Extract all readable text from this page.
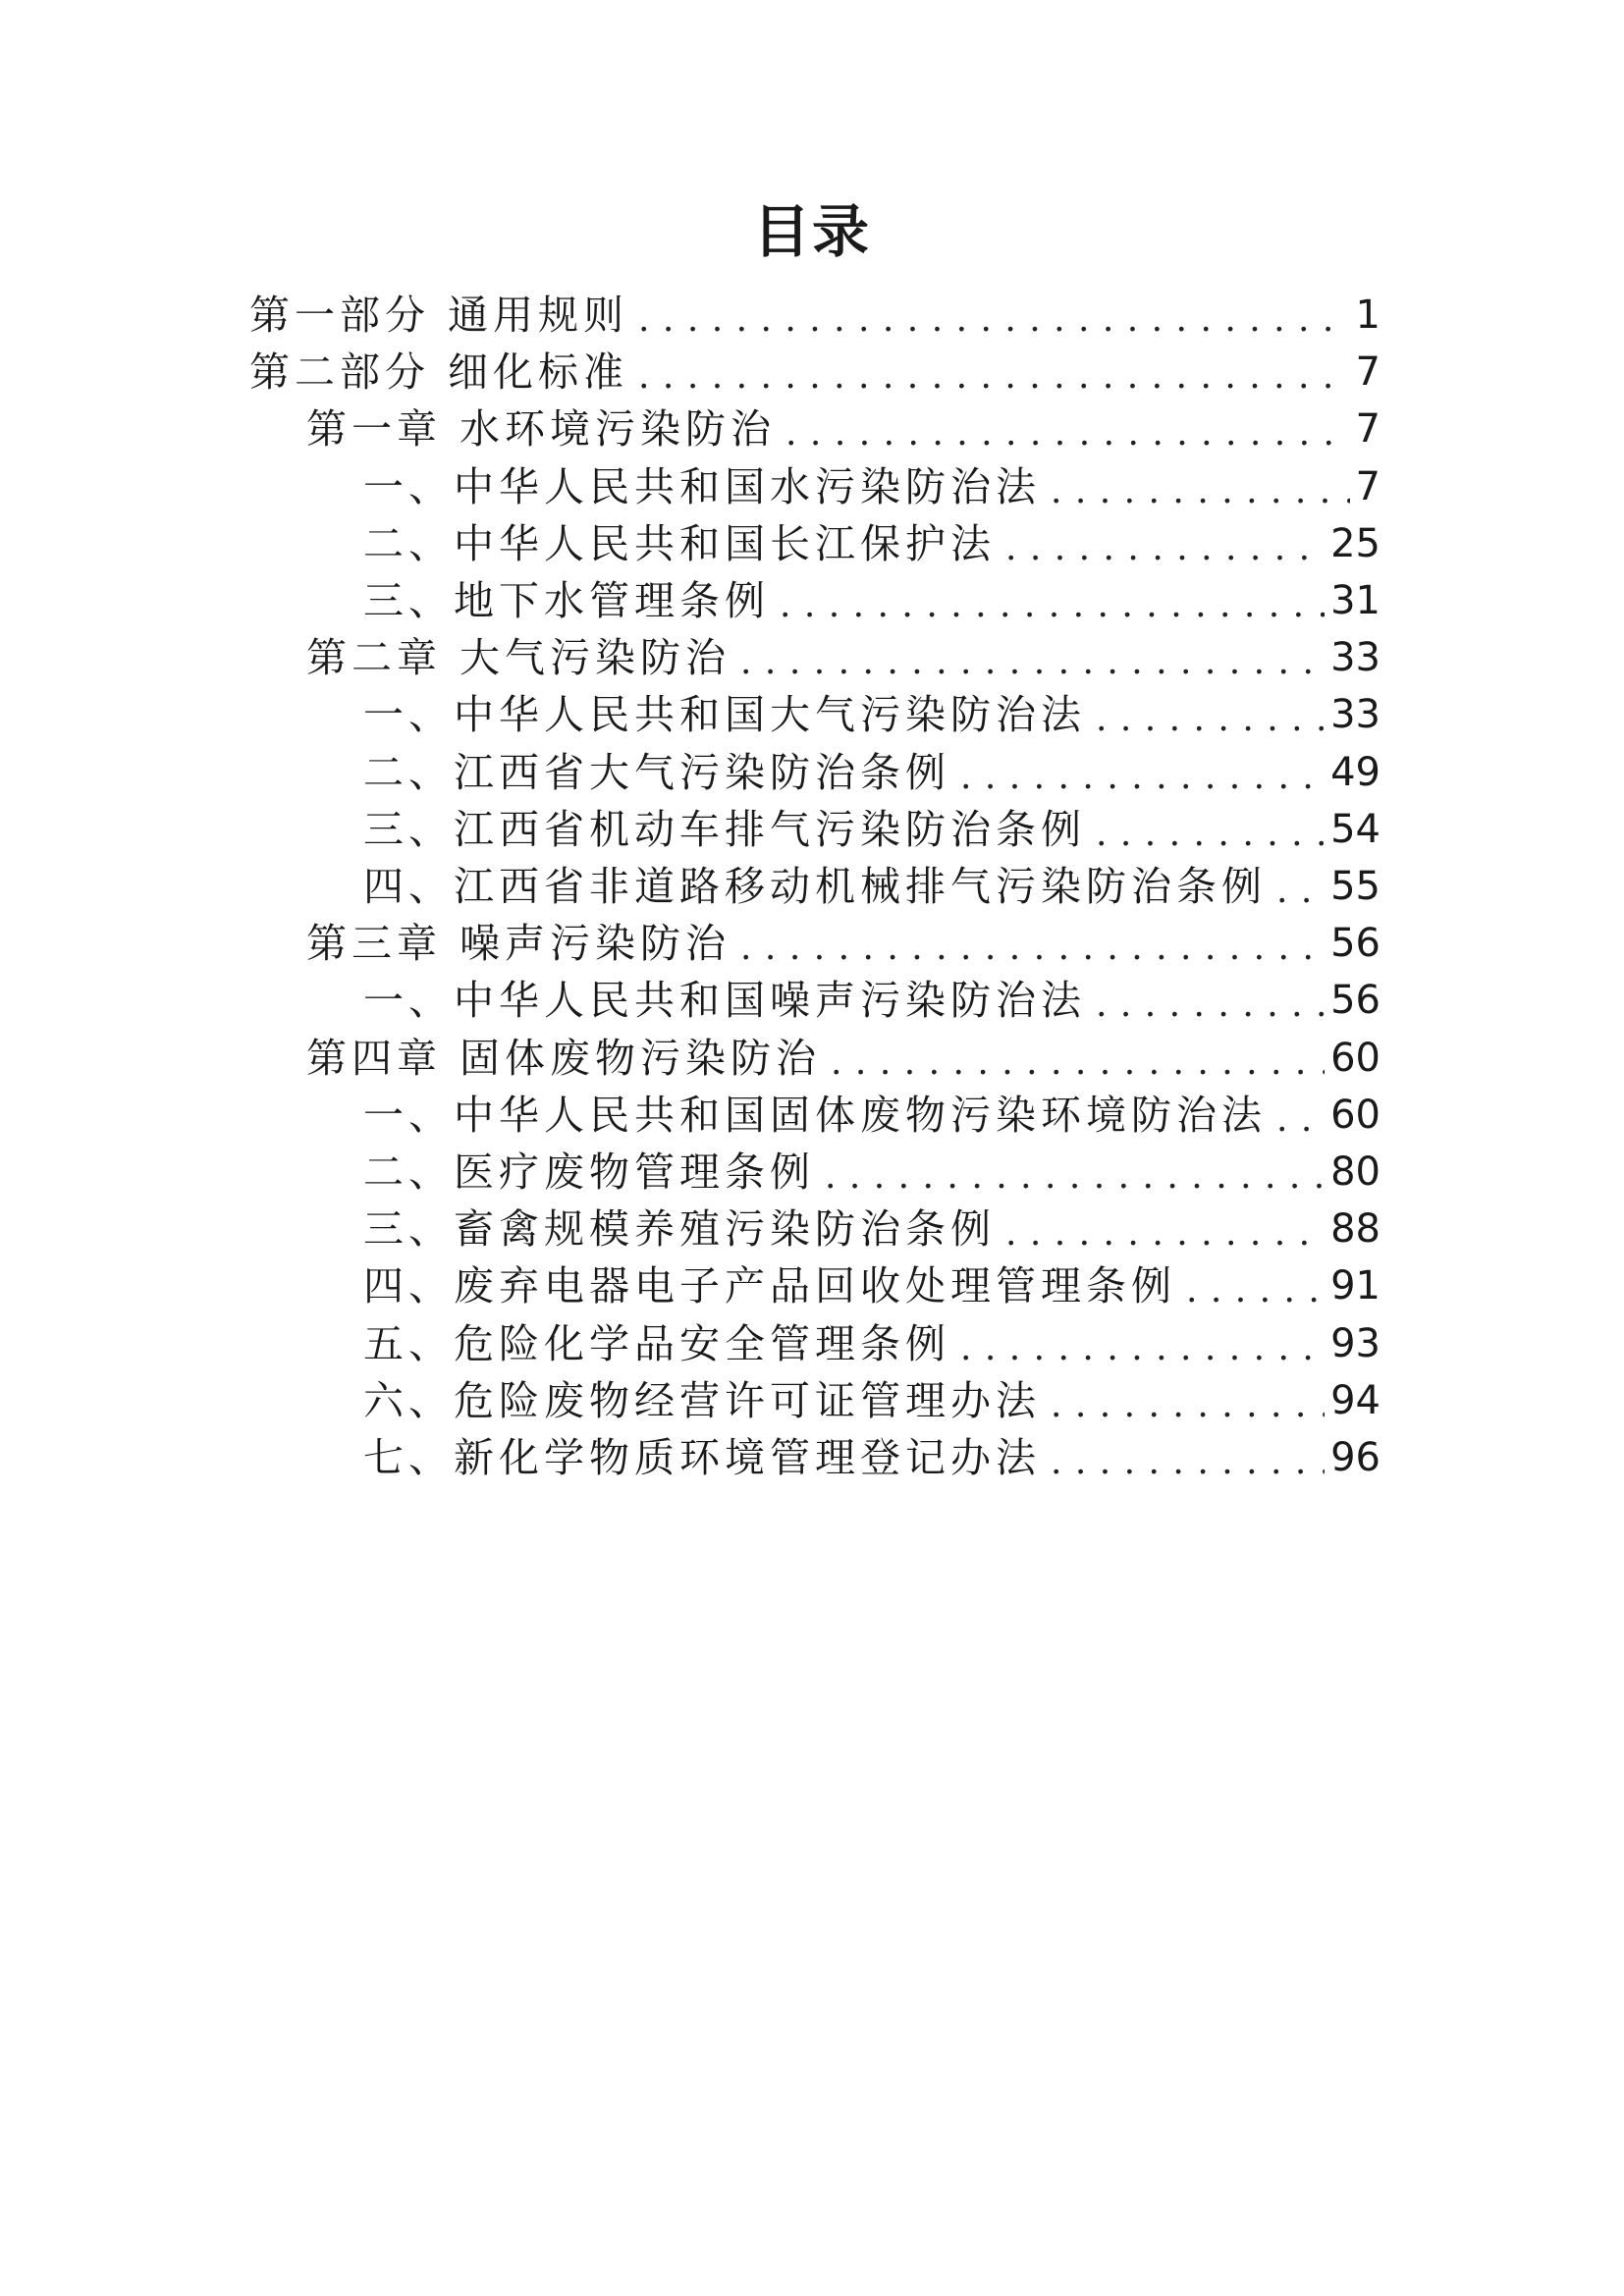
目录
第一部分 通用规则 . . .	1
第二部分 细化标准 . . .	7
第一章 水环境污染防治 . . .	7
一、中华人民共和国水污染防治法 . . .	7
二、中华人民共和国长江保护法 . . .	25
三、地下水管理条例 . . .	31
第二章 大气污染防治 . . .	33
一、中华人民共和国大气污染防治法 . . .	33
二、江西省大气污染防治条例 . . .	49
三、江西省机动车排气污染防治条例 . . .	54
四、江西省非道路移动机械排气污染防治条例 . . . 55
第三章 噪声污染防治 . . .	56
一、中华人民共和国噪声污染防治法 . . .	56
第四章 固体废物污染防治 . . .	60
一、中华人民共和国固体废物污染环境防治法 . . . 60
二、医疗废物管理条例 . . .	80
三、畜禽规模养殖污染防治条例 . . .	88
四、废弃电器电子产品回收处理管理条例 . . .	91
五、危险化学品安全管理条例 . . .	93
六、危险废物经营许可证管理办法 . . .	94
七、新化学物质环境管理登记办法 . . .	96
